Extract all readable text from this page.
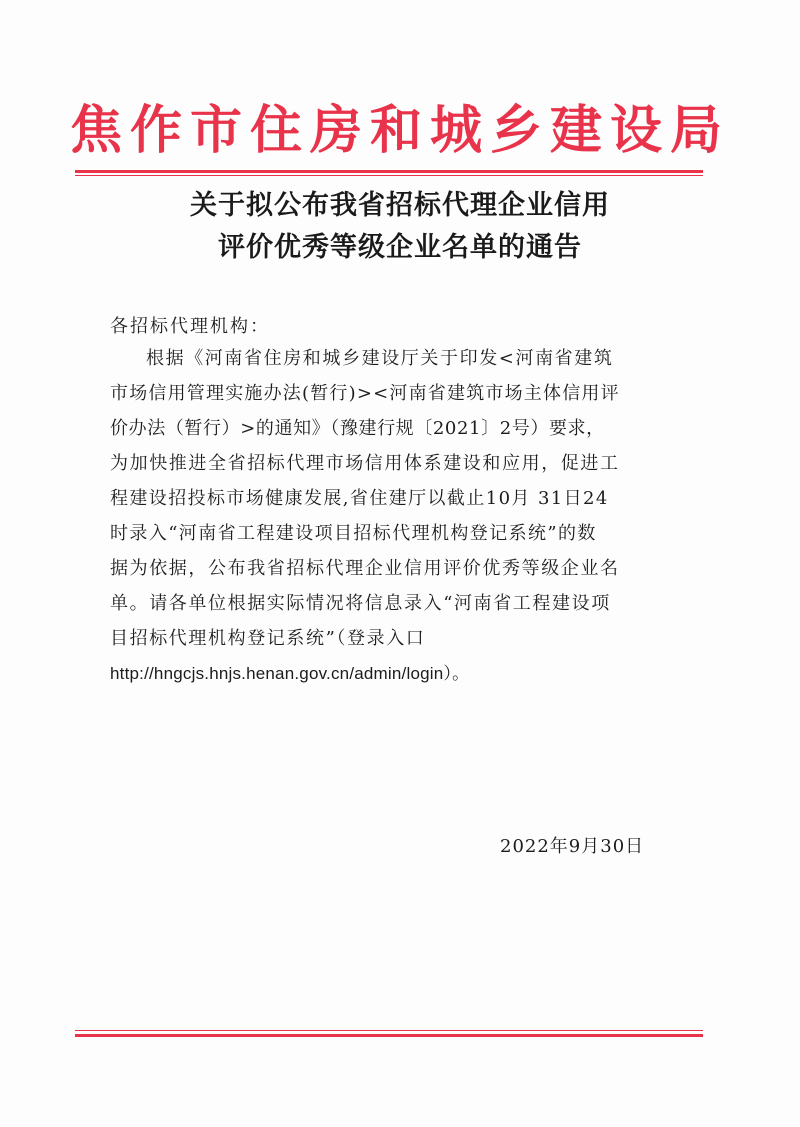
焦作市住房和城乡建设局
关于拟公布我省招标代理企业信用
评价优秀等级企业名单的通告
各招标代理机构：
根据《河南省住房和城乡建设厅关于印发<河南省建筑
市场信用管理实施办法(暂行)><河南省建筑市场主体信用评
价办法（暂行）>的通知》（豫建行规〔2021〕2号）要求，
为加快推进全省招标代理市场信用体系建设和应用，促进工
程建设招投标市场健康发展,省住建厅以截止10月 31日24
时录入“河南省工程建设项目招标代理机构登记系统”的数
据为依据，公布我省招标代理企业信用评价优秀等级企业名
单。请各单位根据实际情况将信息录入“河南省工程建设项
目招标代理机构登记系统”（登录入口
http://hngcjs.hnjs.henan.gov.cn/admin/login）。
2022年9月30日
